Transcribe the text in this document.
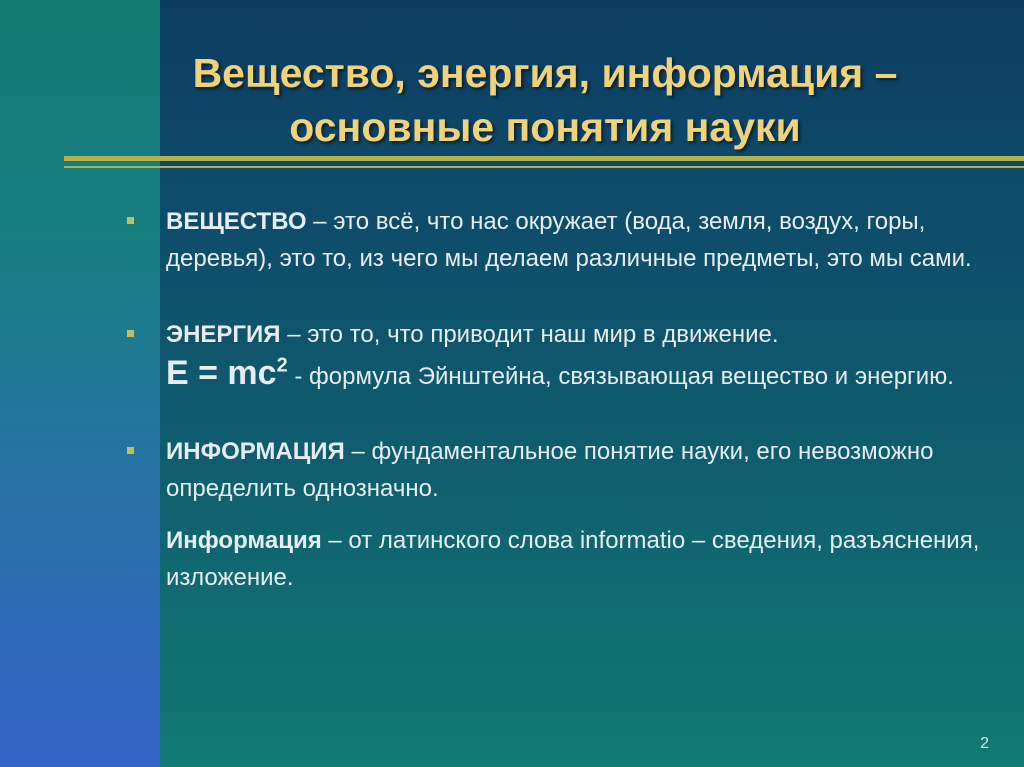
Вещество, энергия, информация –
основные понятия науки
ВЕЩЕСТВО – это всё, что нас окружает (вода, земля, воздух, горы, деревья), это то, из чего мы делаем различные предметы, это мы сами.
ЭНЕРГИЯ – это то, что приводит наш мир в движение.
$E = mc^2$ - формула Эйнштейна, связывающая вещество и энергию.
ИНФОРМАЦИЯ – фундаментальное понятие науки, его невозможно определить однозначно.
Информация – от латинского слова informatio – сведения, разъяснения, изложение.
2
